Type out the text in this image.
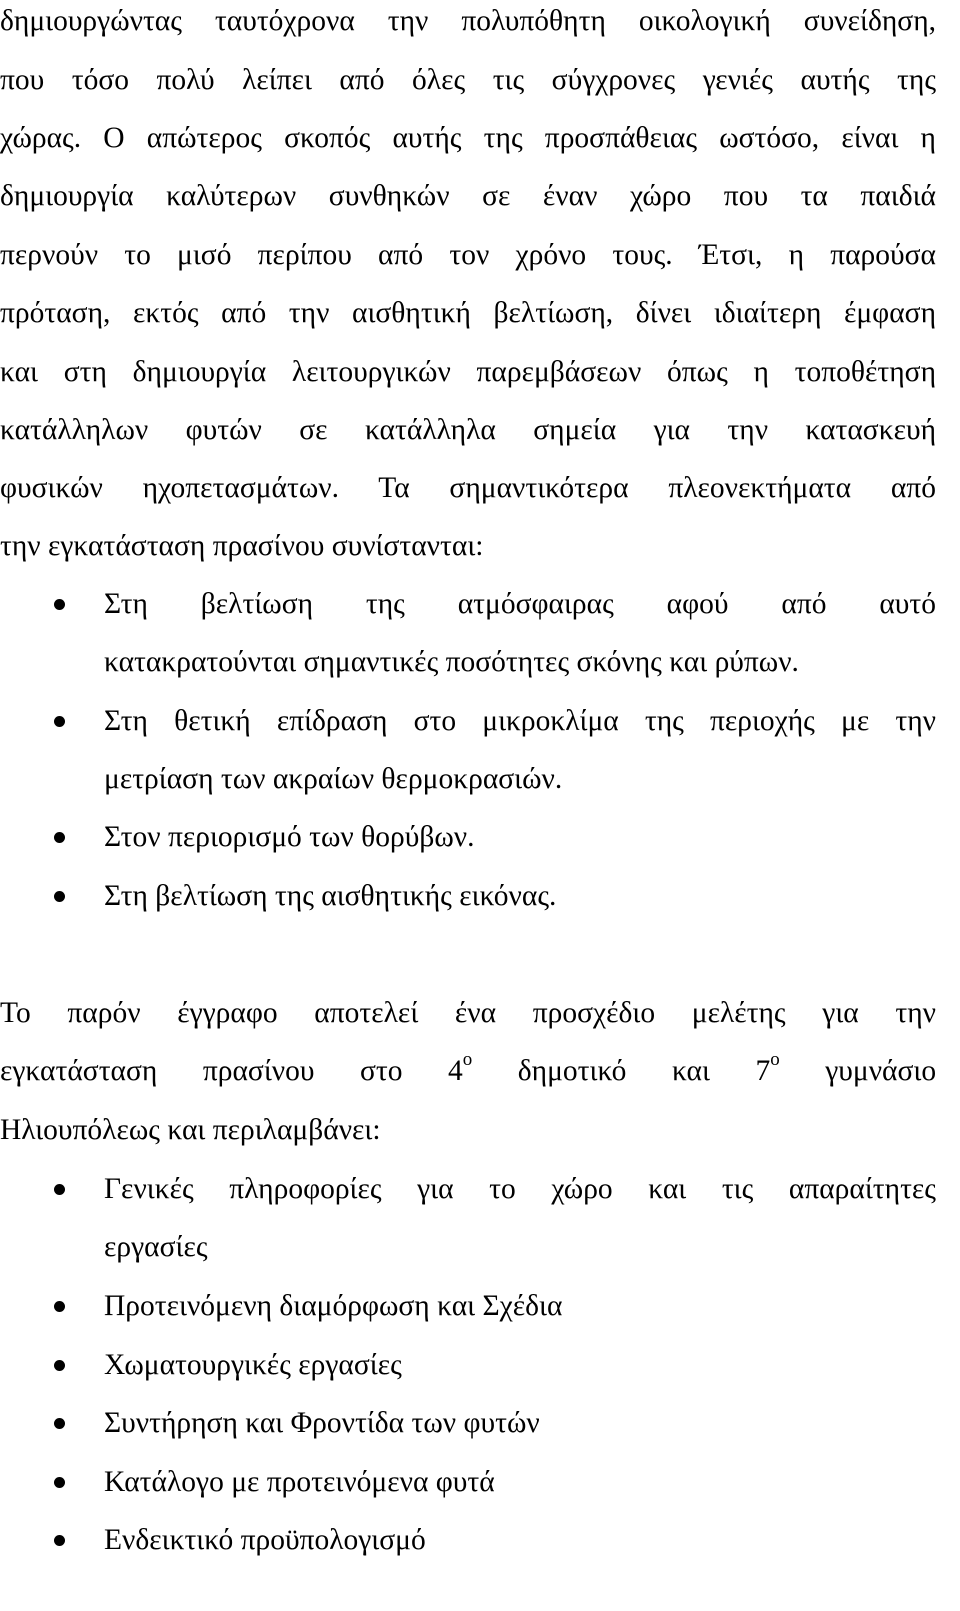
δημιουργώντας ταυτόχρονα την πολυπόθητη οικολογική συνείδηση,
που τόσο πολύ λείπει από όλες τις σύγχρονες γενιές αυτής της
χώρας. Ο απώτερος σκοπός αυτής της προσπάθειας ωστόσο, είναι η
δημιουργία καλύτερων συνθηκών σε έναν χώρο που τα παιδιά
περνούν το μισό περίπου από τον χρόνο τους. Έτσι, η παρούσα
πρόταση, εκτός από την αισθητική βελτίωση, δίνει ιδιαίτερη έμφαση
και στη δημιουργία λειτουργικών παρεμβάσεων όπως η τοποθέτηση
κατάλληλων φυτών σε κατάλληλα σημεία για την κατασκευή
φυσικών ηχοπετασμάτων. Τα σημαντικότερα πλεονεκτήματα από
την εγκατάσταση πρασίνου συνίστανται:
Στη βελτίωση της ατμόσφαιρας αφού από αυτό
κατακρατούνται σημαντικές ποσότητες σκόνης και ρύπων.
Στη θετική επίδραση στο μικροκλίμα της περιοχής με την
μετρίαση των ακραίων θερμοκρασιών.
Στον περιορισμό των θορύβων.
Στη βελτίωση της αισθητικής εικόνας.
Το παρόν έγγραφο αποτελεί ένα προσχέδιο μελέτης για την
εγκατάσταση πρασίνου στο $4^o$ δημοτικό και $7^o$ γυμνάσιο
Ηλιουπόλεως και περιλαμβάνει:
Γενικές πληροφορίες για το χώρο και τις απαραίτητες
εργασίες
Προτεινόμενη διαμόρφωση και Σχέδια
Χωματουργικές εργασίες
Συντήρηση και Φροντίδα των φυτών
Κατάλογο με προτεινόμενα φυτά
Ενδεικτικό προϋπολογισμό
